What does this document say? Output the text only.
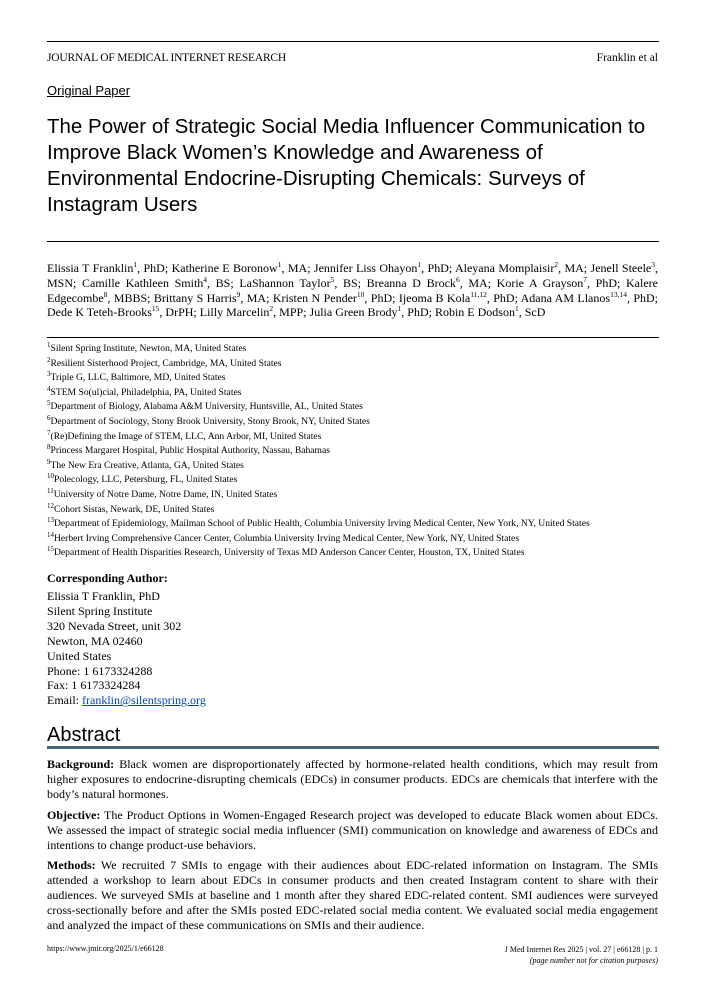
JOURNAL OF MEDICAL INTERNET RESEARCH	Franklin et al
Original Paper
The Power of Strategic Social Media Influencer Communication to Improve Black Women’s Knowledge and Awareness of Environmental Endocrine-Disrupting Chemicals: Surveys of Instagram Users
Elissia T Franklin$^1$, PhD; Katherine E Boronow$^1$, MA; Jennifer Liss Ohayon$^1$, PhD; Aleyana Momplaisir$^2$, MA; Jenell Steele$^3$, MSN; Camille Kathleen Smith$^4$, BS; LaShannon Taylor$^5$, BS; Breanna D Brock$^6$, MA; Korie A Grayson$^7$, PhD; Kalere Edgecombe$^8$, MBBS; Brittany S Harris$^9$, MA; Kristen N Pender$^{10}$, PhD; Ijeoma B Kola$^{11,12}$, PhD; Adana AM Llanos$^{13,14}$, PhD; Dede K Teteh-Brooks$^{15}$, DrPH; Lilly Marcelin$^2$, MPP; Julia Green Brody$^1$, PhD; Robin E Dodson$^1$, ScD
$^1$Silent Spring Institute, Newton, MA, United States
$^2$Resilient Sisterhood Project, Cambridge, MA, United States
$^3$Triple G, LLC, Baltimore, MD, United States
$^4$STEM So(ul)cial, Philadelphia, PA, United States
$^5$Department of Biology, Alabama A&M University, Huntsville, AL, United States
$^6$Department of Sociology, Stony Brook University, Stony Brook, NY, United States
$^7$(Re)Defining the Image of STEM, LLC, Ann Arbor, MI, United States
$^8$Princess Margaret Hospital, Public Hospital Authority, Nassau, Bahamas
$^9$The New Era Creative, Atlanta, GA, United States
$^{10}$Polecology, LLC, Petersburg, FL, United States
$^{11}$University of Notre Dame, Notre Dame, IN, United States
$^{12}$Cohort Sistas, Newark, DE, United States
$^{13}$Department of Epidemiology, Mailman School of Public Health, Columbia University Irving Medical Center, New York, NY, United States
$^{14}$Herbert Irving Comprehensive Cancer Center, Columbia University Irving Medical Center, New York, NY, United States
$^{15}$Department of Health Disparities Research, University of Texas MD Anderson Cancer Center, Houston, TX, United States
Corresponding Author:
Elissia T Franklin, PhD
Silent Spring Institute
320 Nevada Street, unit 302
Newton, MA 02460
United States
Phone: 1 6173324288
Fax: 1 6173324284
Email: franklin@silentspring.org
Abstract

Background: Black women are disproportionately affected by hormone-related health conditions, which may result from higher exposures to endocrine-disrupting chemicals (EDCs) in consumer products. EDCs are chemicals that interfere with the body’s natural hormones.

Objective: The Product Options in Women-Engaged Research project was developed to educate Black women about EDCs. We assessed the impact of strategic social media influencer (SMI) communication on knowledge and awareness of EDCs and intentions to change product-use behaviors.

Methods: We recruited 7 SMIs to engage with their audiences about EDC-related information on Instagram. The SMIs attended a workshop to learn about EDCs in consumer products and then created Instagram content to share with their audiences. We surveyed SMIs at baseline and 1 month after they shared EDC-related content. SMI audiences were surveyed cross-sectionally before and after the SMIs posted EDC-related social media content. We evaluated social media engagement and analyzed the impact of these communications on SMIs and their audience.

https://www.jmir.org/2025/1/e66128	J Med Internet Res 2025 | vol. 27 | e66128 | p. 1
(page number not for citation purposes)
